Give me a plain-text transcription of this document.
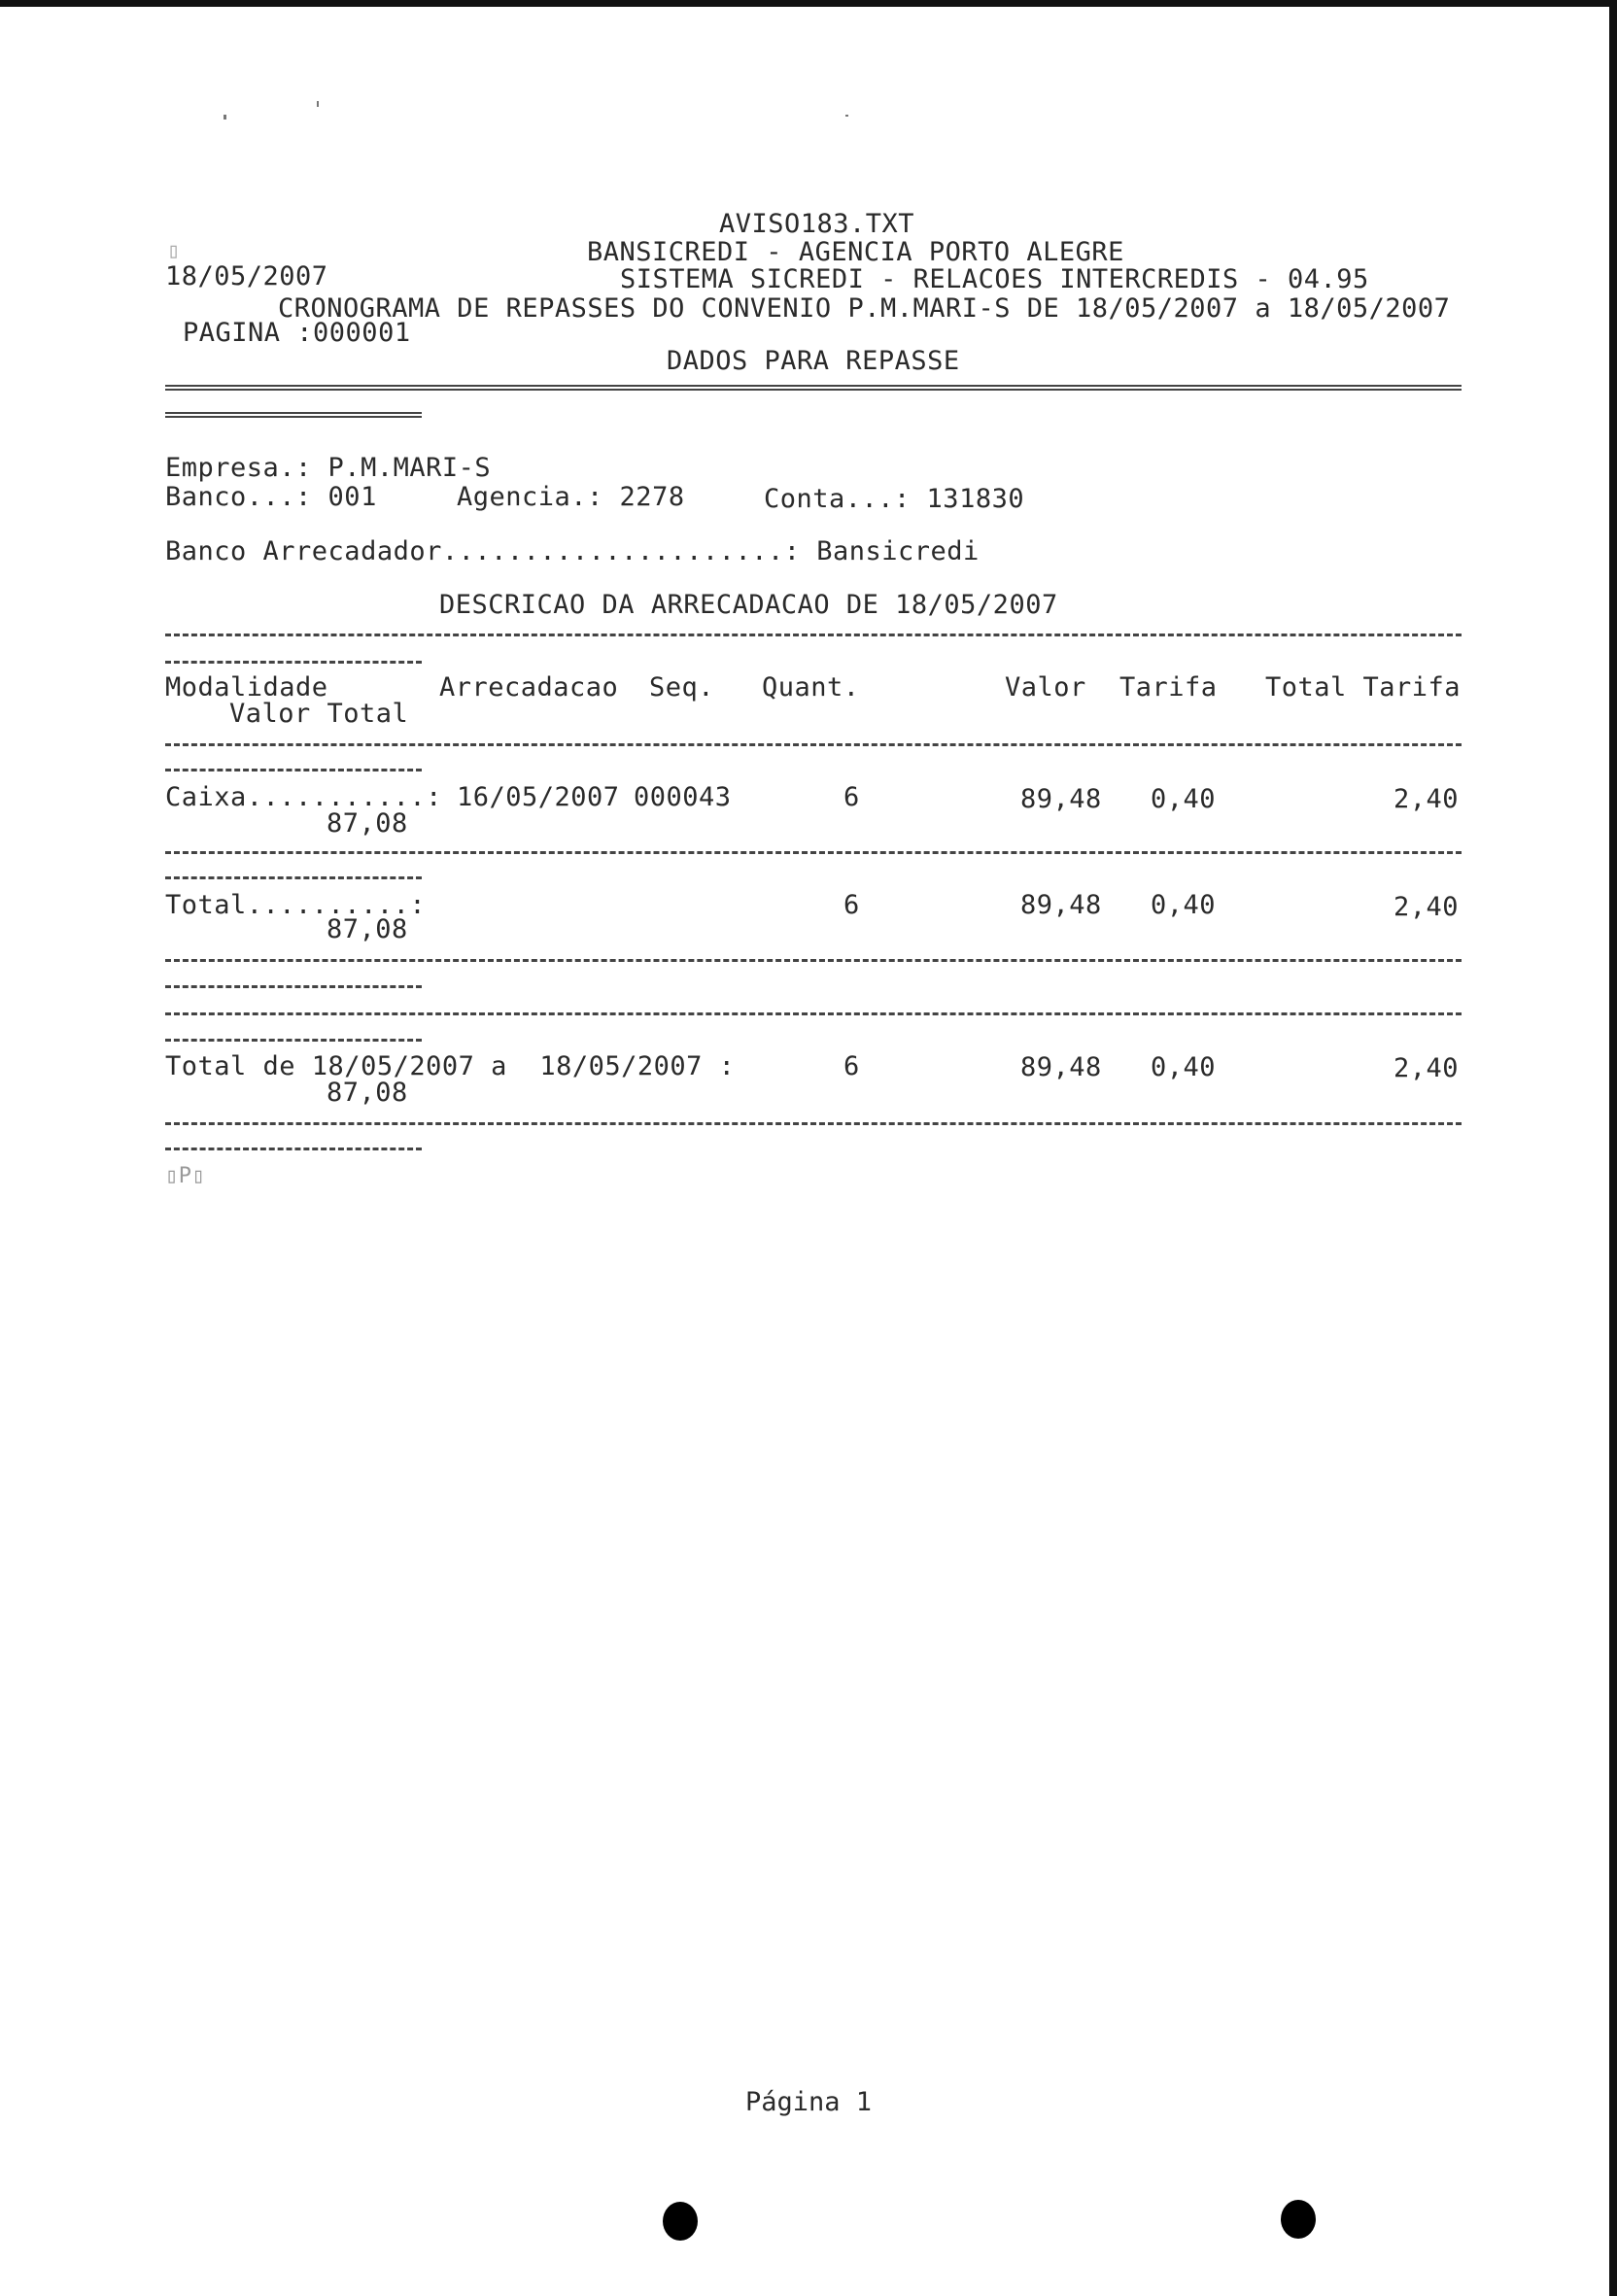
AVISO183.TXT
▯	BANSICREDI - AGENCIA PORTO ALEGRE
18/05/2007	SISTEMA SICREDI - RELACOES INTERCREDIS - 04.95
CRONOGRAMA DE REPASSES DO CONVENIO P.M.MARI-S DE 18/05/2007 a 18/05/2007
PAGINA :000001
DADOS PARA REPASSE
Empresa.: P.M.MARI-S
Banco...: 001	Agencia.: 2278	Conta...: 131830
Banco Arrecadador.....................: Bansicredi
DESCRICAO DA ARRECADACAO DE 18/05/2007
Modalidade	Arrecadacao Seq. Quant.	Valor Tarifa Total Tarifa
Valor Total
Caixa...........: 16/05/2007 000043	6	89,48 0,40	2,40
87,08
Total..........:	6	89,48 0,40	2,40
87,08
Total de 18/05/2007 a  18/05/2007 :	6	89,48 0,40	2,40
87,08
▯P▯
Página 1
